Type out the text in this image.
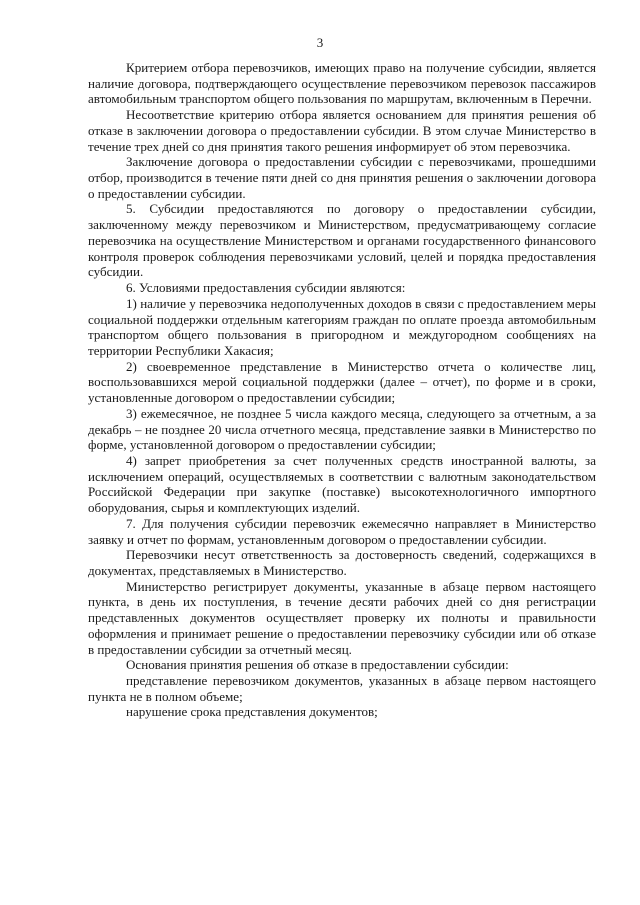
3

Критерием отбора перевозчиков, имеющих право на получение субсидии, является наличие договора, подтверждающего осуществление перевозчиком перевозок пассажиров автомобильным транспортом общего пользования по маршрутам, включенным в Перечни.

Несоответствие критерию отбора является основанием для принятия решения об отказе в заключении договора о предоставлении субсидии. В этом случае Министерство в течение трех дней со дня принятия такого решения информирует об этом перевозчика.

Заключение договора о предоставлении субсидии с перевозчиками, прошедшими отбор, производится в течение пяти дней со дня принятия решения о заключении договора о предоставлении субсидии.

5. Субсидии предоставляются по договору о предоставлении субсидии, заключенному между перевозчиком и Министерством, предусматривающему согласие перевозчика на осуществление Министерством и органами государственного финансового контроля проверок соблюдения перевозчиками условий, целей и порядка предоставления субсидии.

6. Условиями предоставления субсидии являются:

1) наличие у перевозчика недополученных доходов в связи с предоставлением меры социальной поддержки отдельным категориям граждан по оплате проезда автомобильным транспортом общего пользования в пригородном и междугородном сообщениях на территории Республики Хакасия;

2) своевременное представление в Министерство отчета о количестве лиц, воспользовавшихся мерой социальной поддержки (далее – отчет), по форме и в сроки, установленные договором о предоставлении субсидии;

3) ежемесячное, не позднее 5 числа каждого месяца, следующего за отчетным, а за декабрь – не позднее 20 числа отчетного месяца, представление заявки в Министерство по форме, установленной договором о предоставлении субсидии;

4) запрет приобретения за счет полученных средств иностранной валюты, за исключением операций, осуществляемых в соответствии с валютным законодательством Российской Федерации при закупке (поставке) высокотехнологичного импортного оборудования, сырья и комплектующих изделий.

7. Для получения субсидии перевозчик ежемесячно направляет в Министерство заявку и отчет по формам, установленным договором о предоставлении субсидии.

Перевозчики несут ответственность за достоверность сведений, содержащихся в документах, представляемых в Министерство.

Министерство регистрирует документы, указанные в абзаце первом настоящего пункта, в день их поступления, в течение десяти рабочих дней со дня регистрации представленных документов осуществляет проверку их полноты и правильности оформления и принимает решение о предоставлении перевозчику субсидии или об отказе в предоставлении субсидии за отчетный месяц.

Основания принятия решения об отказе в предоставлении субсидии:

представление перевозчиком документов, указанных в абзаце первом настоящего пункта не в полном объеме;

нарушение срока представления документов;
